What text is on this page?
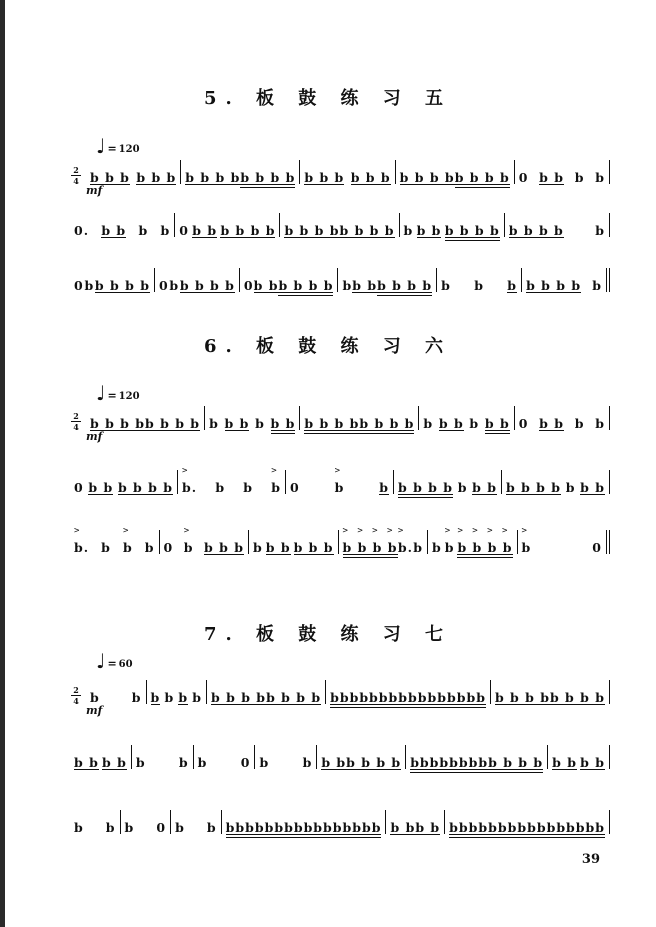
5. 板 鼓 练 习 五
♩ = 120
2
4
mf
b b b b b b b b b b b b b b b b b b b b b b b b b b b b 0 b b b b
0. b b b b 0 b b b b b b b b b b b b b b b b b b b b b b b b b	b
0 b b b b b 0 b b b b b 0 b b b b b b b b b b b b b b b b b b b b b
6. 板 鼓 练 习 六
♩ = 120
2
4
mf
b b b b b b b b b b b b b b b b b b b b b b b b b b b b 0 b b b b
0 b b b b b b
>
b. b b
>
b 0
>
b	b b b b b b b b b b b b b b b
>
b. b
>
b b 0
>
b b b b b b b b b b
> > > >
b b b b
>
b. b b
>
b
> > > >
b b b b
>
b	0
7. 板 鼓 练 习 七
♩ = 60
2
4
mf
b	b b b b b b b b b b b b b bbbbbbbb bbbbbbbb b b b b b b b b
b b b b b	b b	0 b	b b b b b b b bbbbbbbb b b b b b b b b
b b b 0 b b bbbbbbbb bbbbbbbb b b b b bbbbbbbb bbbbbbbb
39
